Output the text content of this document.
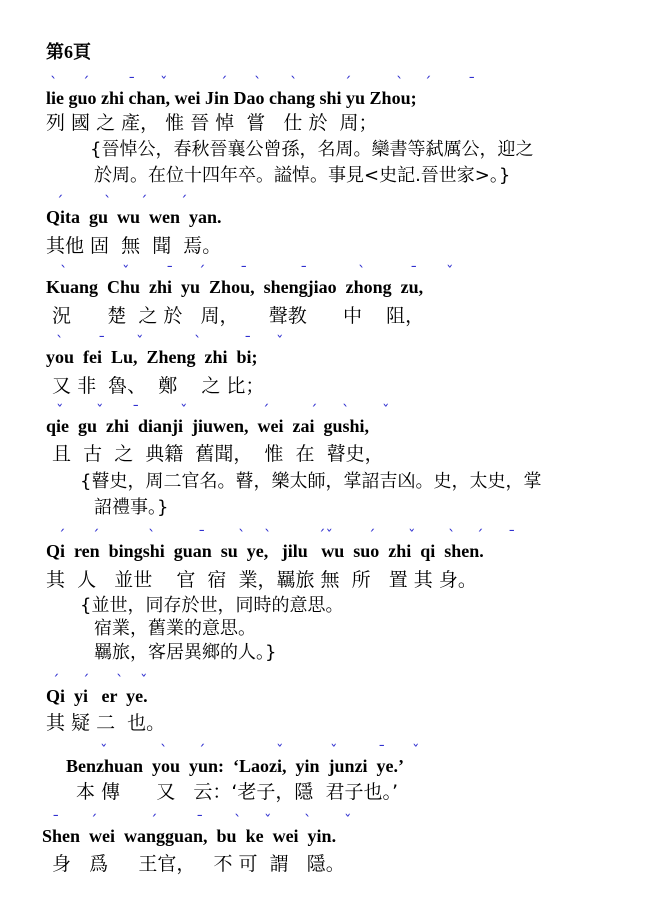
第6頁
lie guo zhi chan, wei Jin Dao chang shi yu Zhou;
列 國 之 產， 惟 晉 悼  嘗   仕 於  周；
{晉悼公，春秋晉襄公曾孫，名周。欒書等弑厲公，迎之
於周。在位十四年卒。謚悼。事見<史記.晉世家>。}
Qita  gu  wu  wen  yan.
其他 固  無  聞  焉。
Kuang  Chu  zhi  yu  Zhou,  shengjiao  zhong  zu,
況      楚  之 於   周，     聲教      中    阻，
you  fei  Lu,  Zheng  zhi  bi;
又 非  魯、  鄭    之 比；
qie  gu  zhi  dianji  jiuwen,  wei  zai  gushi,
且  古  之  典籍  舊聞，  惟  在  瞽史，
{瞽史，周二官名。瞽，樂太師，掌詔吉凶。史，太史，掌
詔禮事。}
Qi  ren  bingshi  guan  su  ye,   jilu   wu  suo  zhi  qi  shen.
其  人   並世    官  宿  業，羈旅 無  所   置 其 身。
{並世，同存於世，同時的意思。
宿業，舊業的意思。
羈旅，客居異鄉的人。}
Qi  yi   er  ye.
其 疑 二  也。
Benzhuan  you  yun:  ‘Laozi,  yin  junzi  ye.’
本 傳      又   云：‘老子，隱  君子也。’
Shen  wei  wangguan,  bu  ke  wei  yin.
身   爲     王官，   不 可  謂   隱。
ˋ ˊ	ˉ ˇ	ˊ ˋ ˋ	ˊ	ˋ ˊ ˉ
ˊ	ˋ ˊ ˊ
ˋ	ˇ ˉ ˊ ˉ	ˉ	ˋ	ˉ ˇ
ˋ ˉ ˇ	ˋ	ˉ ˇ
ˇ ˇ ˉ	ˇ	ˊ	ˊ ˋ ˇ
ˊ ˊ	ˋ	ˉ ˋ ˋ	ˊˇ ˊ ˇ ˋ ˊ ˉ
ˊ ˊ ˋ ˇ
ˇ	ˋ ˊ	ˇ	ˇ	ˉ ˇ
ˉ ˊ	ˊ	ˉ ˋ ˇ ˋ ˇ
